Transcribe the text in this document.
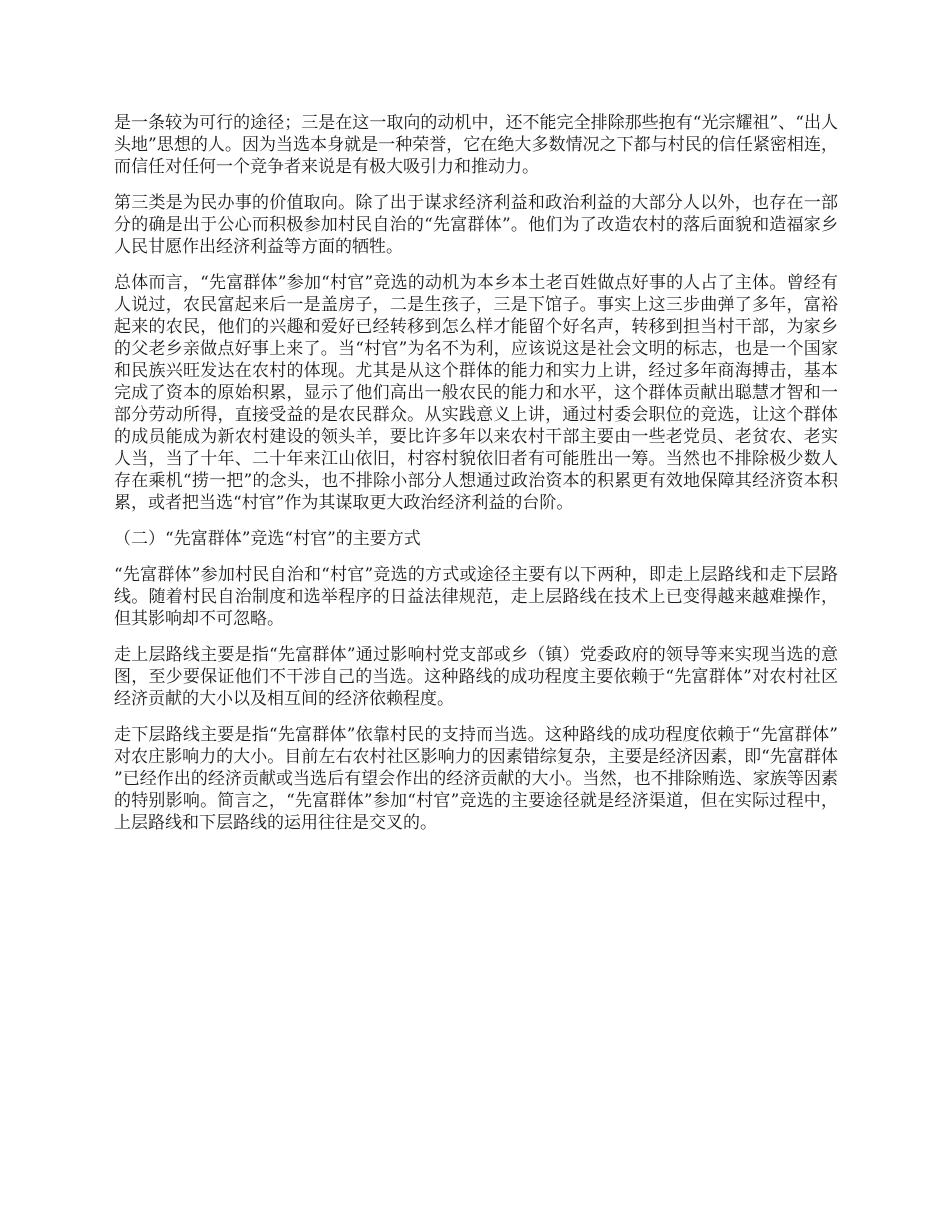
是一条较为可行的途径；三是在这一取向的动机中，还不能完全排除那些抱有“光宗耀祖”、“出人头地”思想的人。因为当选本身就是一种荣誉，它在绝大多数情况之下都与村民的信任紧密相连，而信任对任何一个竞争者来说是有极大吸引力和推动力。

第三类是为民办事的价值取向。除了出于谋求经济利益和政治利益的大部分人以外，也存在一部分的确是出于公心而积极参加村民自治的“先富群体”。他们为了改造农村的落后面貌和造福家乡人民甘愿作出经济利益等方面的牺牲。

总体而言，“先富群体”参加“村官”竞选的动机为本乡本土老百姓做点好事的人占了主体。曾经有人说过，农民富起来后一是盖房子，二是生孩子，三是下馆子。事实上这三步曲弹了多年，富裕起来的农民，他们的兴趣和爱好已经转移到怎么样才能留个好名声，转移到担当村干部，为家乡的父老乡亲做点好事上来了。当“村官”为名不为利，应该说这是社会文明的标志，也是一个国家和民族兴旺发达在农村的体现。尤其是从这个群体的能力和实力上讲，经过多年商海搏击，基本完成了资本的原始积累，显示了他们高出一般农民的能力和水平，这个群体贡献出聪慧才智和一部分劳动所得，直接受益的是农民群众。从实践意义上讲，通过村委会职位的竞选，让这个群体的成员能成为新农村建设的领头羊，要比许多年以来农村干部主要由一些老党员、老贫农、老实人当，当了十年、二十年来江山依旧，村容村貌依旧者有可能胜出一筹。当然也不排除极少数人存在乘机“捞一把”的念头，也不排除小部分人想通过政治资本的积累更有效地保障其经济资本积累，或者把当选“村官”作为其谋取更大政治经济利益的台阶。

（二）“先富群体”竞选“村官”的主要方式

“先富群体”参加村民自治和“村官”竞选的方式或途径主要有以下两种，即走上层路线和走下层路线。随着村民自治制度和选举程序的日益法律规范，走上层路线在技术上已变得越来越难操作，但其影响却不可忽略。

走上层路线主要是指“先富群体”通过影响村党支部或乡（镇）党委政府的领导等来实现当选的意图，至少要保证他们不干涉自己的当选。这种路线的成功程度主要依赖于“先富群体”对农村社区经济贡献的大小以及相互间的经济依赖程度。

走下层路线主要是指“先富群体”依靠村民的支持而当选。这种路线的成功程度依赖于“先富群体”对农庄影响力的大小。目前左右农村社区影响力的因素错综复杂，主要是经济因素，即“先富群体”已经作出的经济贡献或当选后有望会作出的经济贡献的大小。当然，也不排除贿选、家族等因素的特别影响。简言之，“先富群体”参加“村官”竞选的主要途径就是经济渠道，但在实际过程中，上层路线和下层路线的运用往往是交叉的。
